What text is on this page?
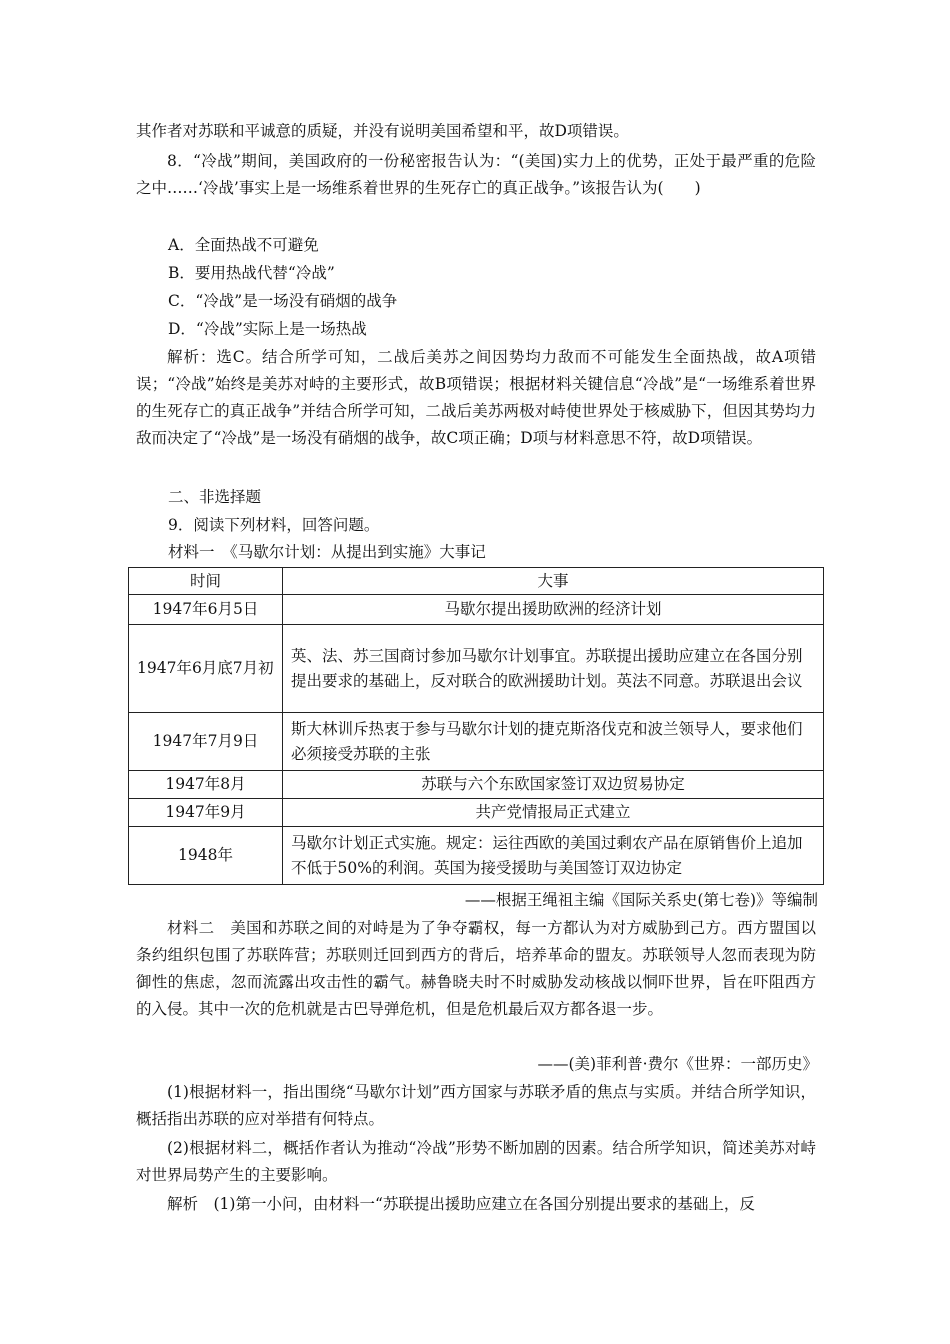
其作者对苏联和平诚意的质疑，并没有说明美国希望和平，故D项错误。

8．“冷战”期间，美国政府的一份秘密报告认为：“(美国)实力上的优势，正处于最严重的危险之中……‘冷战’事实上是一场维系着世界的生死存亡的真正战争。”该报告认为(　　)

A．全面热战不可避免

B．要用热战代替“冷战”

C．“冷战”是一场没有硝烟的战争

D．“冷战”实际上是一场热战

解析：选C。结合所学可知，二战后美苏之间因势均力敌而不可能发生全面热战，故A项错误；“冷战”始终是美苏对峙的主要形式，故B项错误；根据材料关键信息“冷战”是“一场维系着世界的生死存亡的真正战争”并结合所学可知，二战后美苏两极对峙使世界处于核威胁下，但因其势均力敌而决定了“冷战”是一场没有硝烟的战争，故C项正确；D项与材料意思不符，故D项错误。

二、非选择题

9．阅读下列材料，回答问题。

材料一　《马歇尔计划：从提出到实施》大事记

时间	大事
1947年6月5日	马歇尔提出援助欧洲的经济计划
1947年6月底7月初	英、法、苏三国商讨参加马歇尔计划事宜。苏联提出援助应建立在各国分别提出要求的基础上，反对联合的欧洲援助计划。英法不同意。苏联退出会议
1947年7月9日	斯大林训斥热衷于参与马歇尔计划的捷克斯洛伐克和波兰领导人，要求他们必须接受苏联的主张
1947年8月	苏联与六个东欧国家签订双边贸易协定
1947年9月	共产党情报局正式建立
1948年	马歇尔计划正式实施。规定：运往西欧的美国过剩农产品在原销售价上追加不低于50%的利润。英国为接受援助与美国签订双边协定

——根据王绳祖主编《国际关系史(第七卷)》等编制

材料二　美国和苏联之间的对峙是为了争夺霸权，每一方都认为对方威胁到己方。西方盟国以条约组织包围了苏联阵营；苏联则迁回到西方的背后，培养革命的盟友。苏联领导人忽而表现为防御性的焦虑，忽而流露出攻击性的霸气。赫鲁晓夫时不时威胁发动核战以恫吓世界，旨在吓阻西方的入侵。其中一次的危机就是古巴导弹危机，但是危机最后双方都各退一步。

——(美)菲利普·费尔《世界：一部历史》

(1)根据材料一，指出围绕“马歇尔计划”西方国家与苏联矛盾的焦点与实质。并结合所学知识，概括指出苏联的应对举措有何特点。

(2)根据材料二，概括作者认为推动“冷战”形势不断加剧的因素。结合所学知识，简述美苏对峙对世界局势产生的主要影响。

解析　(1)第一小问，由材料一“苏联提出援助应建立在各国分别提出要求的基础上，反
